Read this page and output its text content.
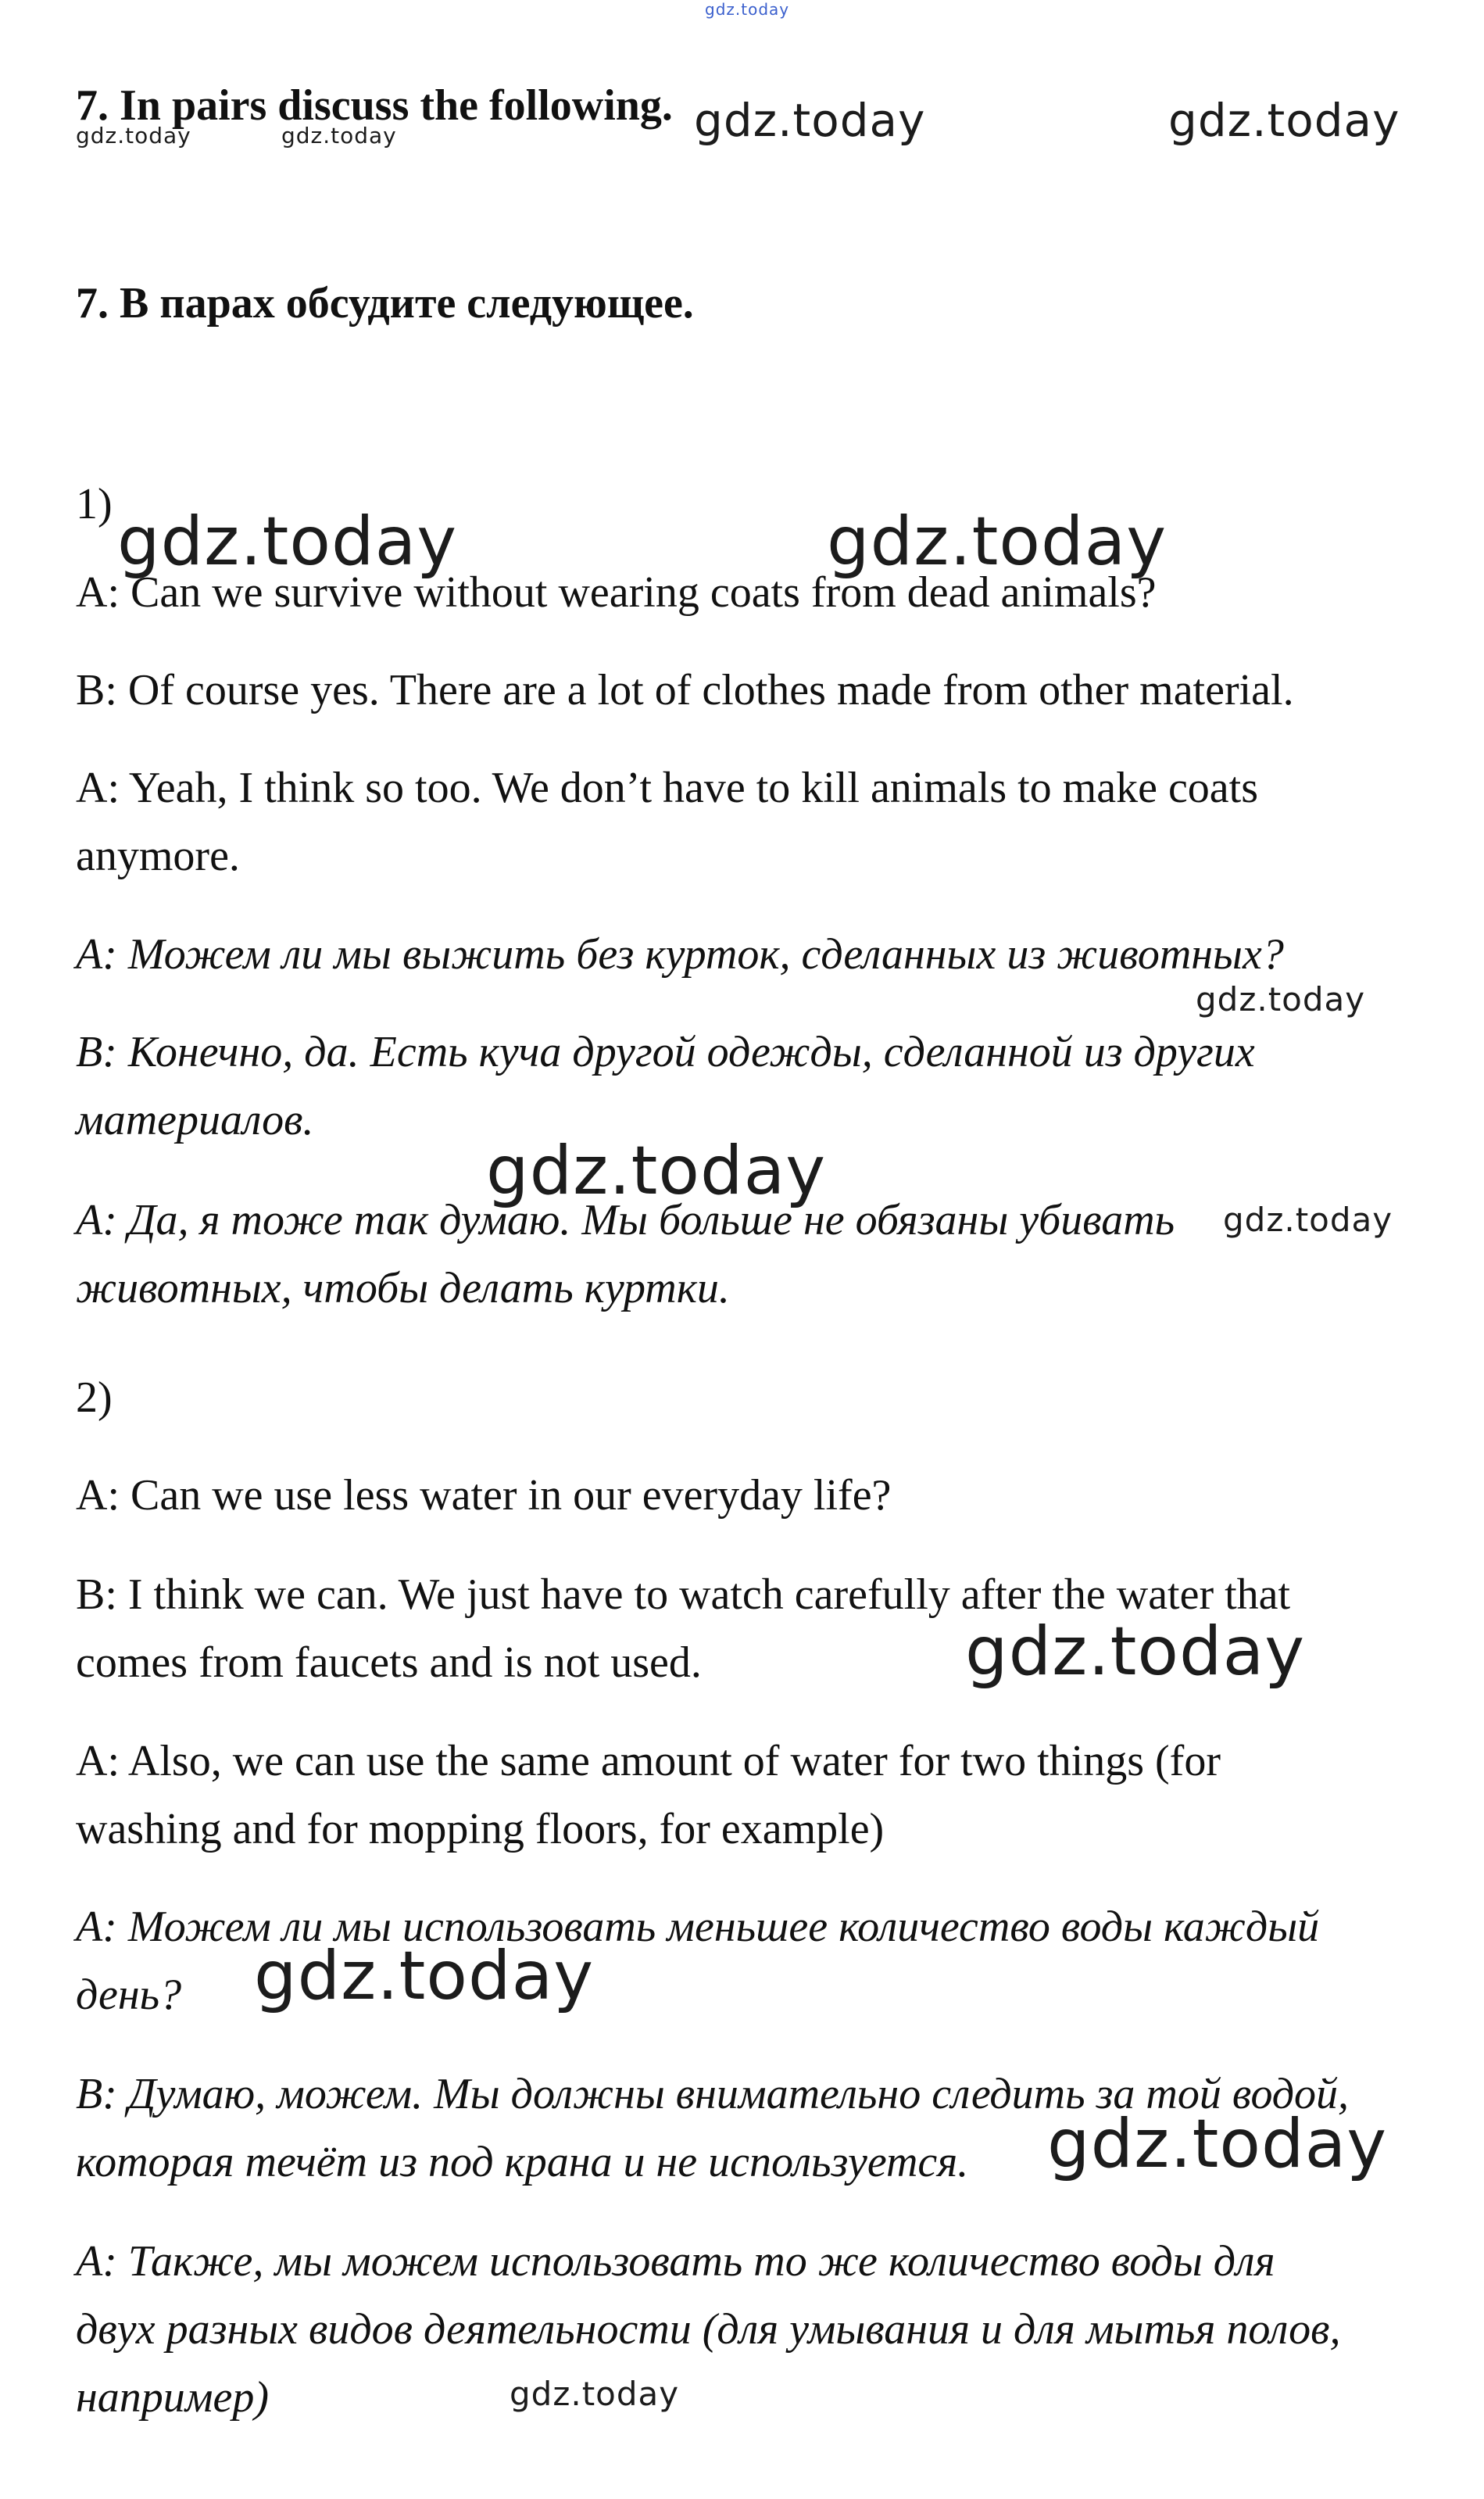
7. In pairs discuss the following.

7. В парах обсудите следующее.

1)

A: Can we survive without wearing coats from dead animals?

B: Of course yes. There are a lot of clothes made from other material.

A: Yeah, I think so too. We don’t have to kill animals to make coats

anymore.

A: Можем ли мы выжить без курток, сделанных из животных?

B: Конечно, да. Есть куча другой одежды, сделанной из других

материалов.

A: Да, я тоже так думаю. Мы больше не обязаны убивать

животных, чтобы делать куртки.

2)

A: Can we use less water in our everyday life?

B: I think we can. We just have to watch carefully after the water that

comes from faucets and is not used.

A: Also, we can use the same amount of water for two things (for

washing and for mopping floors, for example)

A: Можем ли мы использовать меньшее количество воды каждый

день?

B: Думаю, можем. Мы должны внимательно следить за той водой,

которая течёт из под крана и не используется.

A: Также, мы можем использовать то же количество воды для

двух разных видов деятельности (для умывания и для мытья полов,

например)

gdz.today
gdz.today	gdz.today
gdz.today	gdz.today
gdz.today	gdz.today
gdz.today
gdz.today
gdz.today
gdz.today
gdz.today
gdz.today
gdz.today
